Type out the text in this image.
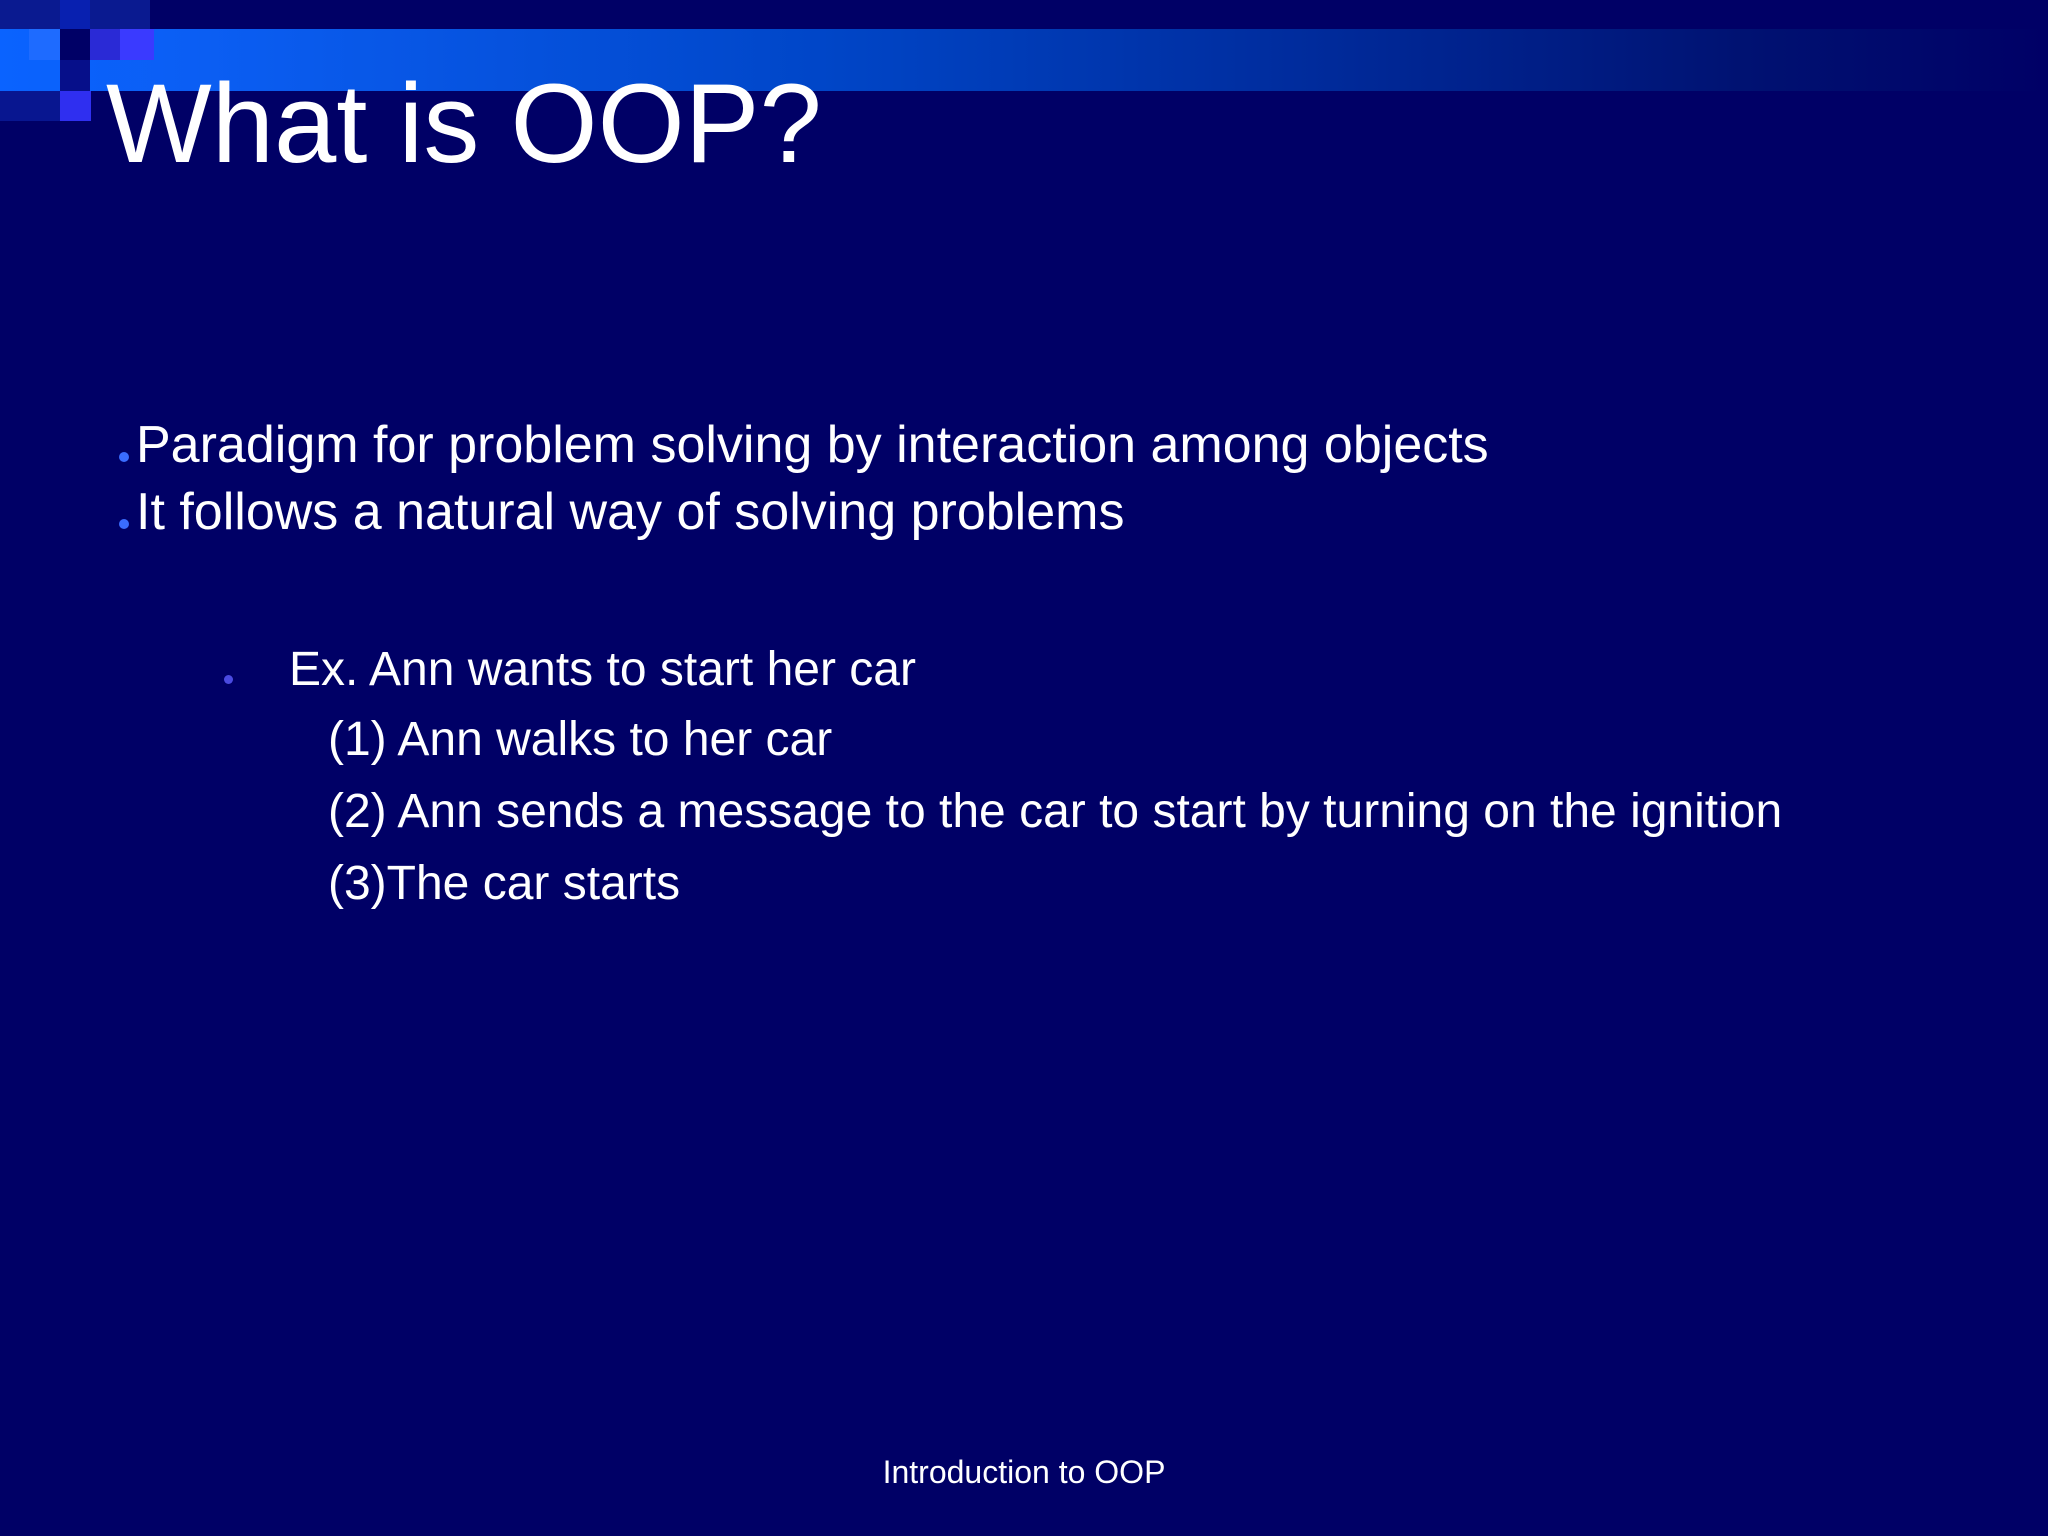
What is OOP?
Paradigm for problem solving by interaction among objects
It follows a natural way of solving problems
Ex. Ann wants to start her car
(1) Ann walks to her car
(2) Ann sends a message to the car to start by turning on the ignition
(3)The car starts
Introduction to OOP
